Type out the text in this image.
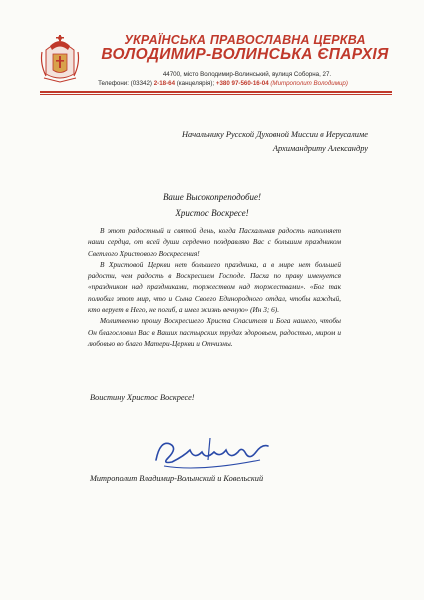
УКРАЇНСЬКА ПРАВОСЛАВНА ЦЕРКВА
ВОЛОДИМИР-ВОЛИНСЬКА ЄПАРХІЯ
44700, місто Володимир-Волинський, вулиця Соборна, 27.
Телефони: (03342) 2-18-64 (канцелярія); +380 97-560-16-04 (Митрополит Володимир)
Начальнику Русской Духовной Миссии в Иерусалиме
Архимандриту Александру
Ваше Высокопреподобие!
Христос Воскресе!

В этот радостный и святой день, когда Пасхальная радость наполняет наши сердца, от всей души сердечно поздравляю Вас с большим праздником Светлого Христового Воскресения!

В Христовой Церкви нет большего праздника, а в мире нет большей радости, чем радость в Воскресшем Господе. Пасха по праву именуется «праздником над праздниками, торжеством над торжествами». «Бог так полюбил этот мир, что и Сына Своего Единородного отдал, чтобы каждый, кто верует в Него, не погиб, а имел жизнь вечную» (Ин 3; 6).

Молитвенно прошу Воскресшего Христа Спасителя и Бога нашего, чтобы Он благословил Вас в Ваших пастырских трудах здоровьем, радостью, миром и любовью во благо Матери-Церкви и Отчизны.

Воистину Христос Воскресе!
Митрополит Владимир-Волынский и Ковельский
